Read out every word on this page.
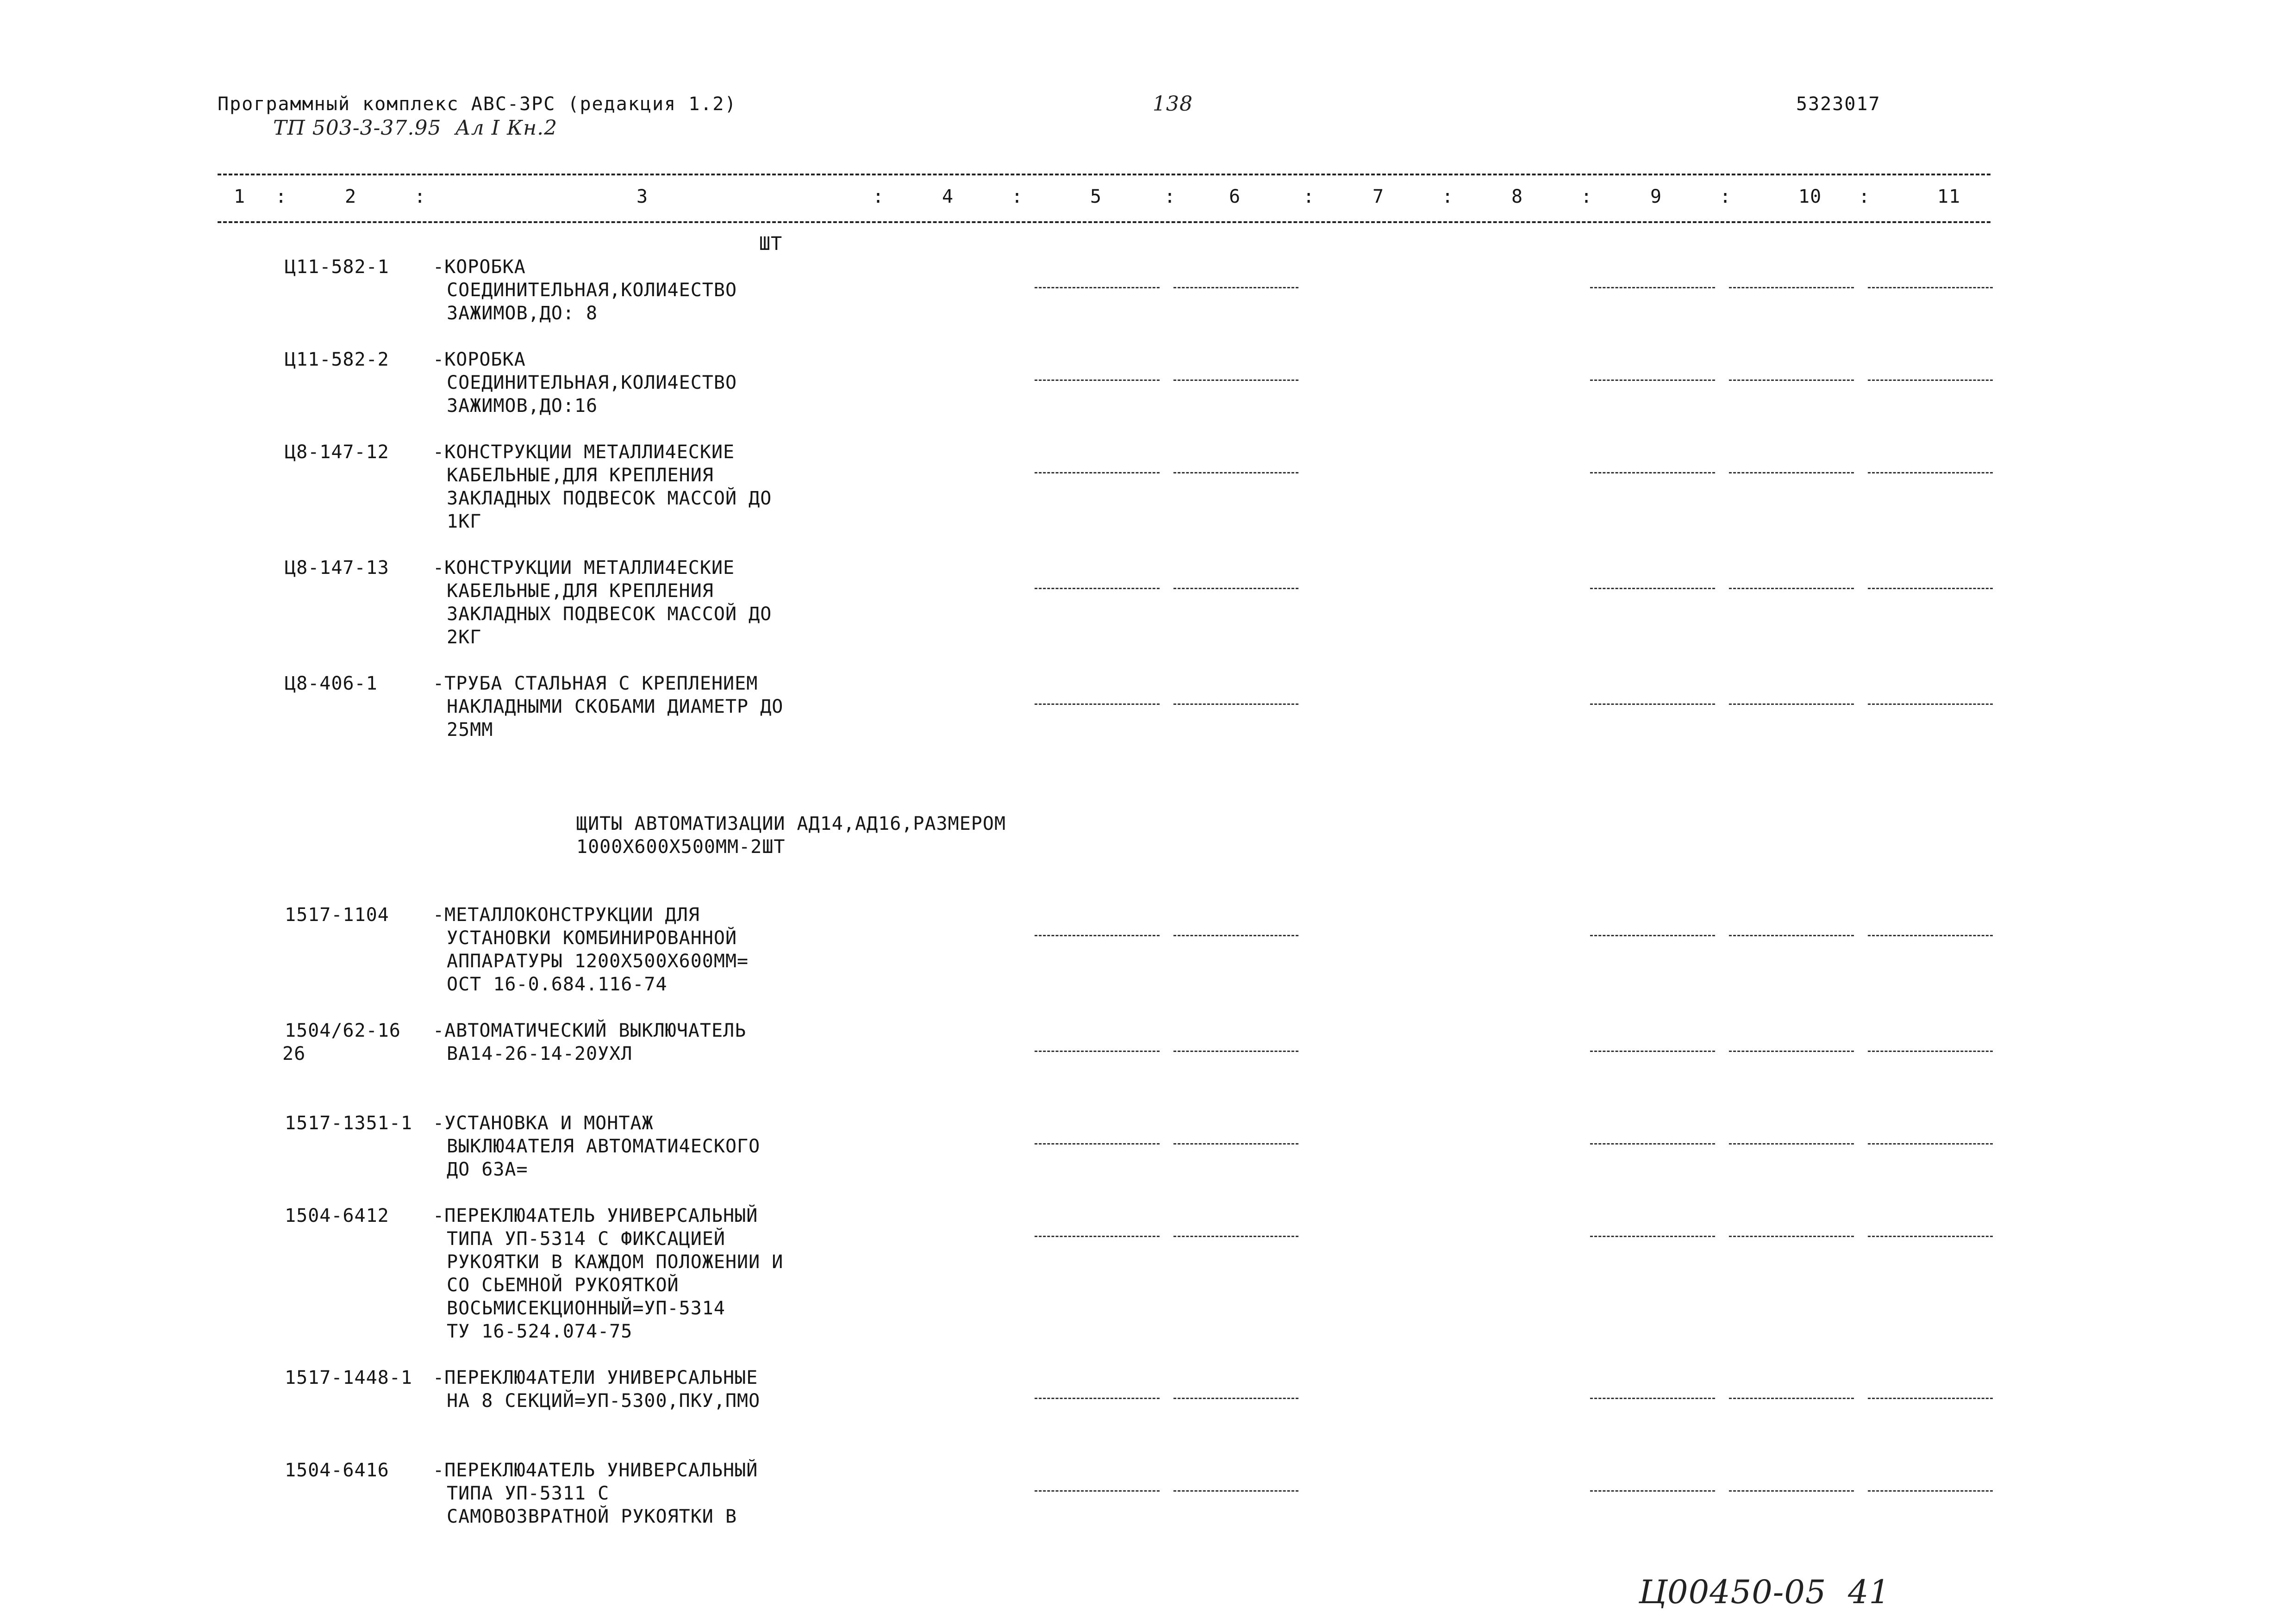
Программный комплекс АВС-3РС (редакция 1.2)
ТП 503-3-37.95  Ал I Кн.2
138	5323017
1 :	2	:	3	:	4	:	5	:	6	:	7	:	8	:	9	:	10 :	11
ШТ
Ц11-582-1 -КОРОБКА
СОЕДИНИТЕЛЬНАЯ,КОЛИ4ЕСТВО
ЗАЖИМОВ,ДО: 8
Ц11-582-2 -КОРОБКА
СОЕДИНИТЕЛЬНАЯ,КОЛИ4ЕСТВО
ЗАЖИМОВ,ДО:16
Ц8-147-12 -КОНСТРУКЦИИ МЕТАЛЛИ4ЕСКИЕ
КАБЕЛЬНЫЕ,ДЛЯ КРЕПЛЕНИЯ
ЗАКЛАДНЫХ ПОДВЕСОК МАССОЙ ДО
1КГ
Ц8-147-13 -КОНСТРУКЦИИ МЕТАЛЛИ4ЕСКИЕ
КАБЕЛЬНЫЕ,ДЛЯ КРЕПЛЕНИЯ
ЗАКЛАДНЫХ ПОДВЕСОК МАССОЙ ДО
2КГ
Ц8-406-1	-ТРУБА СТАЛЬНАЯ С КРЕПЛЕНИЕМ
НАКЛАДНЫМИ СКОБАМИ ДИАМЕТР ДО
25ММ
1517-1104 -МЕТАЛЛОКОНСТРУКЦИИ ДЛЯ
УСТАНОВКИ КОМБИНИРОВАННОЙ
АППАРАТУРЫ 1200Х500Х600ММ=
ОСТ 16-0.684.116-74
1504/62-16
26
-АВТОМАТИЧЕСКИЙ ВЫКЛЮЧАТЕЛЬ
ВА14-26-14-20УХЛ
1517-1351-1 -УСТАНОВКА И МОНТАЖ
ВЫКЛЮ4АТЕЛЯ АВТОМАТИ4ЕСКОГО
ДО 63А=
1504-6412 -ПЕРЕКЛЮ4АТЕЛЬ УНИВЕРСАЛЬНЫЙ
ТИПА УП-5314 С ФИКСАЦИЕЙ
РУКОЯТКИ В КАЖДОМ ПОЛОЖЕНИИ И
СО СЬЕМНОЙ РУКОЯТКОЙ
ВОСЬМИСЕКЦИОННЫЙ=УП-5314
ТУ 16-524.074-75
1517-1448-1 -ПЕРЕКЛЮ4АТЕЛИ УНИВЕРСАЛЬНЫЕ
НА 8 СЕКЦИЙ=УП-5300,ПКУ,ПМО
1504-6416 -ПЕРЕКЛЮ4АТЕЛЬ УНИВЕРСАЛЬНЫЙ
ТИПА УП-5311 С
САМОВОЗВРАТНОЙ РУКОЯТКИ В
ЩИТЫ АВТОМАТИЗАЦИИ АД14,АД16,РАЗМЕРОМ
1000Х600Х500ММ-2ШТ
Ц00450-05  41
